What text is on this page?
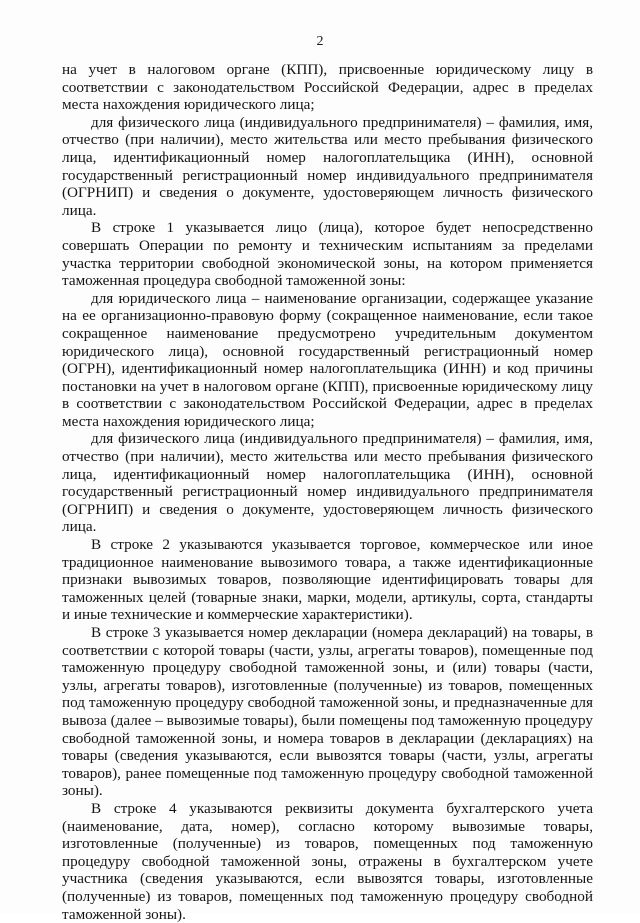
2

на учет в налоговом органе (КПП), присвоенные юридическому лицу в соответствии с законодательством Российской Федерации, адрес в пределах места нахождения юридического лица;

для физического лица (индивидуального предпринимателя) – фамилия, имя, отчество (при наличии), место жительства или место пребывания физического лица, идентификационный номер налогоплательщика (ИНН), основной государственный регистрационный номер индивидуального предпринимателя (ОГРНИП) и сведения о документе, удостоверяющем личность физического лица.

В строке 1 указывается лицо (лица), которое будет непосредственно совершать Операции по ремонту и техническим испытаниям за пределами участка территории свободной экономической зоны, на котором применяется таможенная процедура свободной таможенной зоны:

для юридического лица – наименование организации, содержащее указание на ее организационно-правовую форму (сокращенное наименование, если такое сокращенное наименование предусмотрено учредительным документом юридического лица), основной государственный регистрационный номер (ОГРН), идентификационный номер налогоплательщика (ИНН) и код причины постановки на учет в налоговом органе (КПП), присвоенные юридическому лицу в соответствии с законодательством Российской Федерации, адрес в пределах места нахождения юридического лица;

для физического лица (индивидуального предпринимателя) – фамилия, имя, отчество (при наличии), место жительства или место пребывания физического лица, идентификационный номер налогоплательщика (ИНН), основной государственный регистрационный номер индивидуального предпринимателя (ОГРНИП) и сведения о документе, удостоверяющем личность физического лица.

В строке 2 указываются указывается торговое, коммерческое или иное традиционное наименование вывозимого товара, а также идентификационные признаки вывозимых товаров, позволяющие идентифицировать товары для таможенных целей (товарные знаки, марки, модели, артикулы, сорта, стандарты и иные технические и коммерческие характеристики).

В строке 3 указывается номер декларации (номера деклараций) на товары, в соответствии с которой товары (части, узлы, агрегаты товаров), помещенные под таможенную процедуру свободной таможенной зоны, и (или) товары (части, узлы, агрегаты товаров), изготовленные (полученные) из товаров, помещенных под таможенную процедуру свободной таможенной зоны, и предназначенные для вывоза (далее – вывозимые товары), были помещены под таможенную процедуру свободной таможенной зоны, и номера товаров в декларации (декларациях) на товары (сведения указываются, если вывозятся товары (части, узлы, агрегаты товаров), ранее помещенные под таможенную процедуру свободной таможенной зоны).

В строке 4 указываются реквизиты документа бухгалтерского учета (наименование, дата, номер), согласно которому вывозимые товары, изготовленные (полученные) из товаров, помещенных под таможенную процедуру свободной таможенной зоны, отражены в бухгалтерском учете участника (сведения указываются, если вывозятся товары, изготовленные (полученные) из товаров, помещенных под таможенную процедуру свободной таможенной зоны).
